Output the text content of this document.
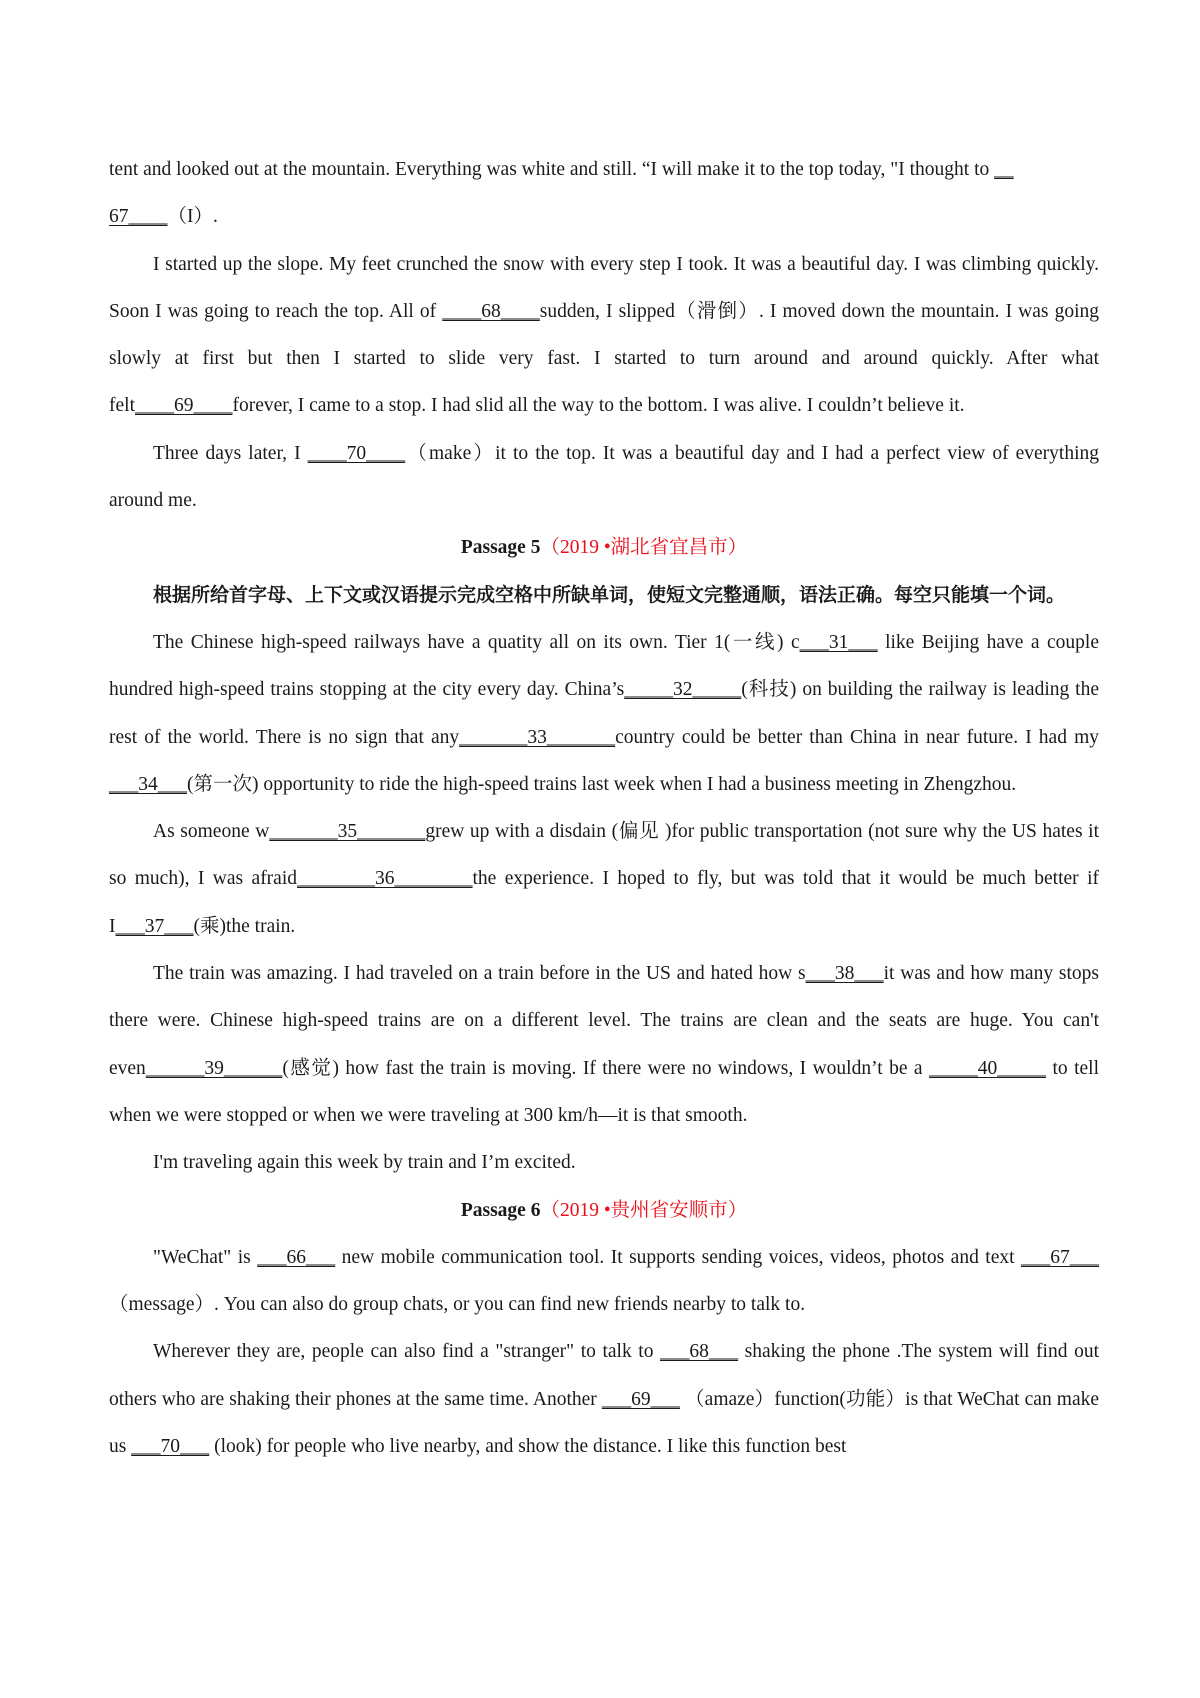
tent and looked out at the mountain. Everything was white and still. “I will make it to the top today, "I thought to __
67____（I）.

I started up the slope. My feet crunched the snow with every step I took. It was a beautiful day. I was climbing quickly. Soon I was going to reach the top. All of ____68____sudden, I slipped（滑倒）. I moved down the mountain. I was going slowly at first but then I started to slide very fast. I started to turn around and around quickly. After what felt____69____forever, I came to a stop. I had slid all the way to the bottom. I was alive. I couldn’t believe it.

Three days later, I ____70____（make）it to the top. It was a beautiful day and I had a perfect view of everything around me.

Passage 5（2019 •湖北省宜昌市）

根据所给首字母、上下文或汉语提示完成空格中所缺单词，使短文完整通顺，语法正确。每空只能填一个词。

The Chinese high-speed railways have a quatity all on its own. Tier 1(一线) c___31___ like Beijing have a couple hundred high-speed trains stopping at the city every day. China’s_____32_____(科技) on building the railway is leading the rest of the world. There is no sign that any_______33_______country could be better than China in near future. I had my ___34___(第一次) opportunity to ride the high-speed trains last week when I had a business meeting in Zhengzhou.

As someone w_______35_______grew up with a disdain (偏见 )for public transportation (not sure why the US hates it so much), I was afraid________36________the experience. I hoped to fly, but was told that it would be much better if I___37___(乘)the train.

The train was amazing. I had traveled on a train before in the US and hated how s___38___it was and how many stops there were. Chinese high-speed trains are on a different level. The trains are clean and the seats are huge. You can't even______39______(感觉) how fast the train is moving. If there were no windows, I wouldn’t be a _____40_____ to tell when we were stopped or when we were traveling at 300 km/h—it is that smooth.

I'm traveling again this week by train and I’m excited.

Passage 6（2019 •贵州省安顺市）

"WeChat" is ___66___ new mobile communication tool. It supports sending voices, videos, photos and text ___67___（message）. You can also do group chats, or you can find new friends nearby to talk to.

Wherever they are, people can also find a "stranger" to talk to ___68___ shaking the phone .The system will find out others who are shaking their phones at the same time. Another ___69___ （amaze）function(功能）is that WeChat can make us ___70___ (look) for people who live nearby, and show the distance. I like this function best
